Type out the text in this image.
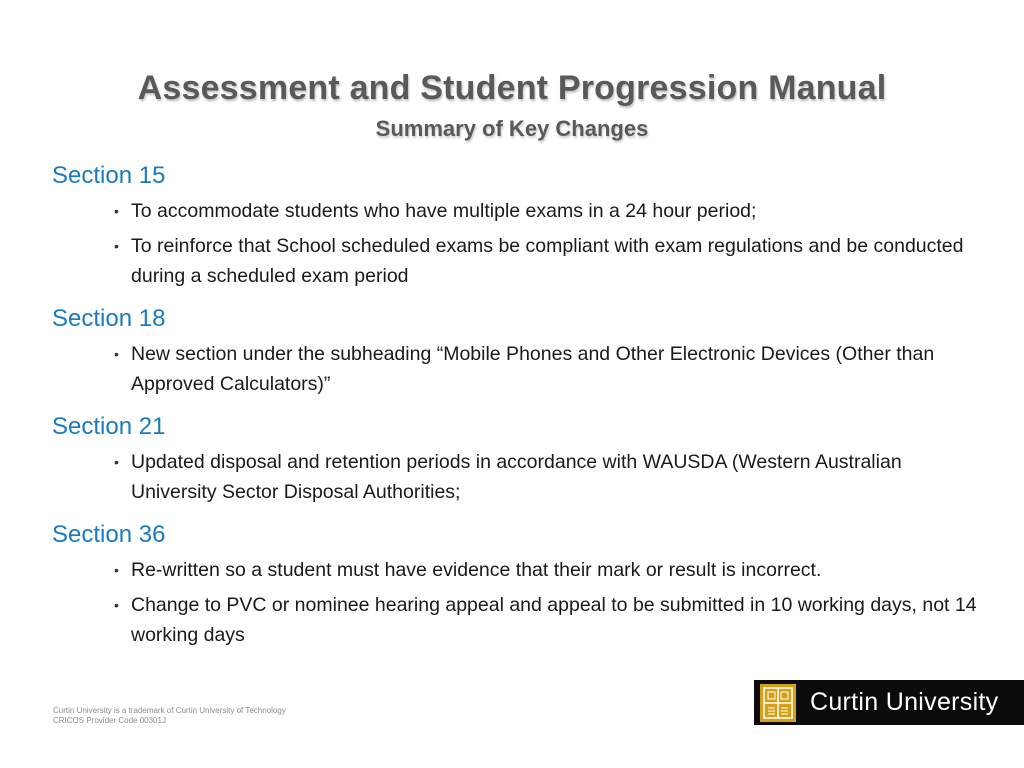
Assessment and Student Progression Manual
Summary of Key Changes
Section 15
• To accommodate students who have multiple exams in a 24 hour period;
• To reinforce that School scheduled exams be compliant with exam regulations and be conducted during a scheduled exam period
Section 18
• New section under the subheading “Mobile Phones and Other Electronic Devices (Other than Approved Calculators)”
Section 21
• Updated disposal and retention periods in accordance with WAUSDA (Western Australian University Sector Disposal Authorities;
Section 36
• Re-written so a student must have evidence that their mark or result is incorrect.
• Change to PVC or nominee hearing appeal and appeal to be submitted in 10 working days, not 14 working days
Curtin University is a trademark of Curtin University of Technology
CRICOS Provider Code 00301J
Curtin University
